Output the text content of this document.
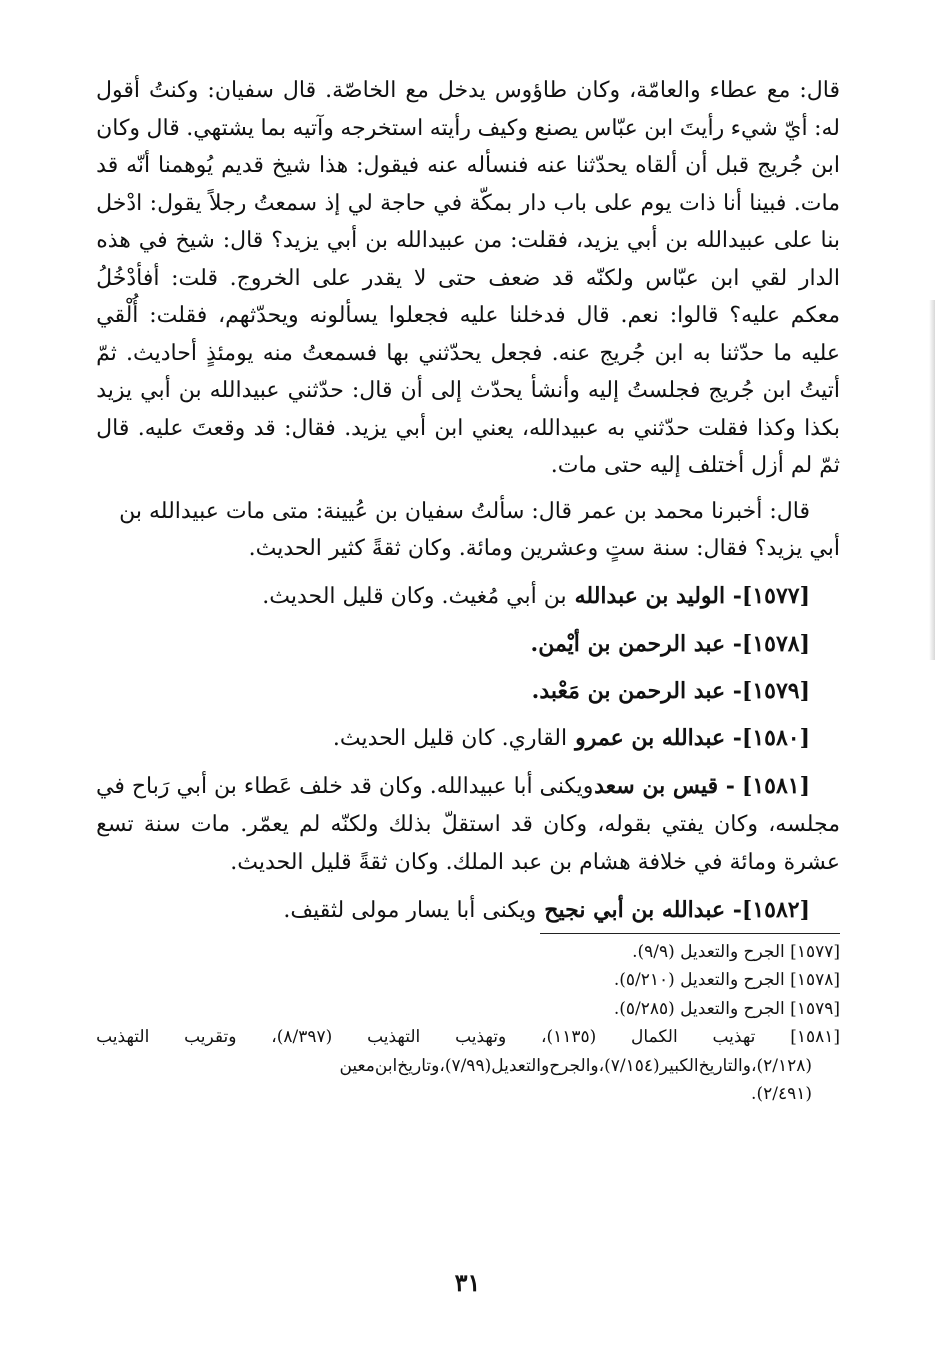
قال:
مع
عطاء
والعامّة،
وكان
طاؤوس
يدخل
مع
الخاصّة.
قال
سفيان:
وكنتُ
أقول
له:
أيّ
شيء
رأيتَ
ابن
عبّاس
يصنع
وكيف
رأيته
استخرجه
وآتيه
بما
يشتهي.
قال
وكان
ابن
جُريج
قبل
أن
ألقاه
يحدّثنا
عنه
فنسأله
عنه
فيقول:
هذا
شيخ
قديم
يُوهمنا
أنّه
قد
مات.
فبينا
أنا
ذات
يوم
على
باب
دار
بمكّة
في
حاجة
لي
إذ
سمعتُ
رجلاً
يقول:
ادْخل
بنا
على
عبيدالله
بن
أبي
يزيد،
فقلت:
من
عبيدالله
بن
أبي
يزيد؟
قال:
شيخ
في
هذه
الدار
لقي
ابن
عبّاس
ولكنّه
قد
ضعف
حتى
لا
يقدر
على
الخروج.
قلت:
أفأدْخُلُ
معكم
عليه؟
قالوا:
نعم.
قال
فدخلنا
عليه
فجعلوا
يسألونه
ويحدّثهم،
فقلت:
أُلْقي
عليه
ما
حدّثنا
به
ابن
جُريج
عنه.
فجعل
يحدّثني
بها
فسمعتُ
منه
يومئذٍ
أحاديث.
ثمّ
أتيتُ
ابن
جُريج
فجلستُ
إليه
وأنشأ
يحدّث
إلى
أن
قال:
حدّثني
عبيدالله
بن
أبي
يزيد
بكذا
وكذا
فقلت
حدّثني
به
عبيدالله،
يعني
ابن
أبي
يزيد.
فقال:
قد
وقعتَ
عليه.
قال
ثمّ لم أزل أختلف إليه حتى مات.
قال: أخبرنا محمد بن عمر قال: سألتُ سفيان بن عُيينة: متى مات عبيدالله بن
أبي يزيد؟ فقال: سنة ستٍ وعشرين ومائة. وكان ثقةً كثير الحديث.
[١٥٧٧]
- الوليد بن عبدالله
بن أبي مُغيث. وكان قليل الحديث.
[١٥٧٨]
- عبد الرحمن بن أيْمن.
[١٥٧٩]
- عبد الرحمن بن مَعْبد.
[١٥٨٠]
- عبدالله بن عمرو
القاري. كان قليل الحديث.
[١٥٨١] - قيس بن سعد
ويكنى أبا عبيدالله. وكان قد خلف عَطاء بن أبي رَباح في
مجلسه،
وكان
يفتي
بقوله،
وكان
قد
استقلّ
بذلك
ولكنّه
لم
يعمّر.
مات
سنة
تسع
عشرة ومائة في خلافة هشام بن عبد الملك. وكان ثقةً قليل الحديث.
[١٥٨٢]
- عبدالله بن أبي نجيح
ويكنى أبا يسار مولى لثقيف.
[١٥٧٧] الجرح والتعديل (٩/٩).
[١٥٧٨] الجرح والتعديل (٥/٢١٠).
[١٥٧٩] الجرح والتعديل (٥/٢٨٥).
[١٥٨١]
تهذيب
الكمال
(١١٣٥)،
وتهذيب
التهذيب
(٨/٣٩٧)،
وتقريب
التهذيب
(٢/١٢٨)،
والتاريخ
الكبير
(٧/١٥٤)،
والجرح
والتعديل
(٧/٩٩)،
وتاريخ
ابن
معين
(٢/٤٩١).
٣١
